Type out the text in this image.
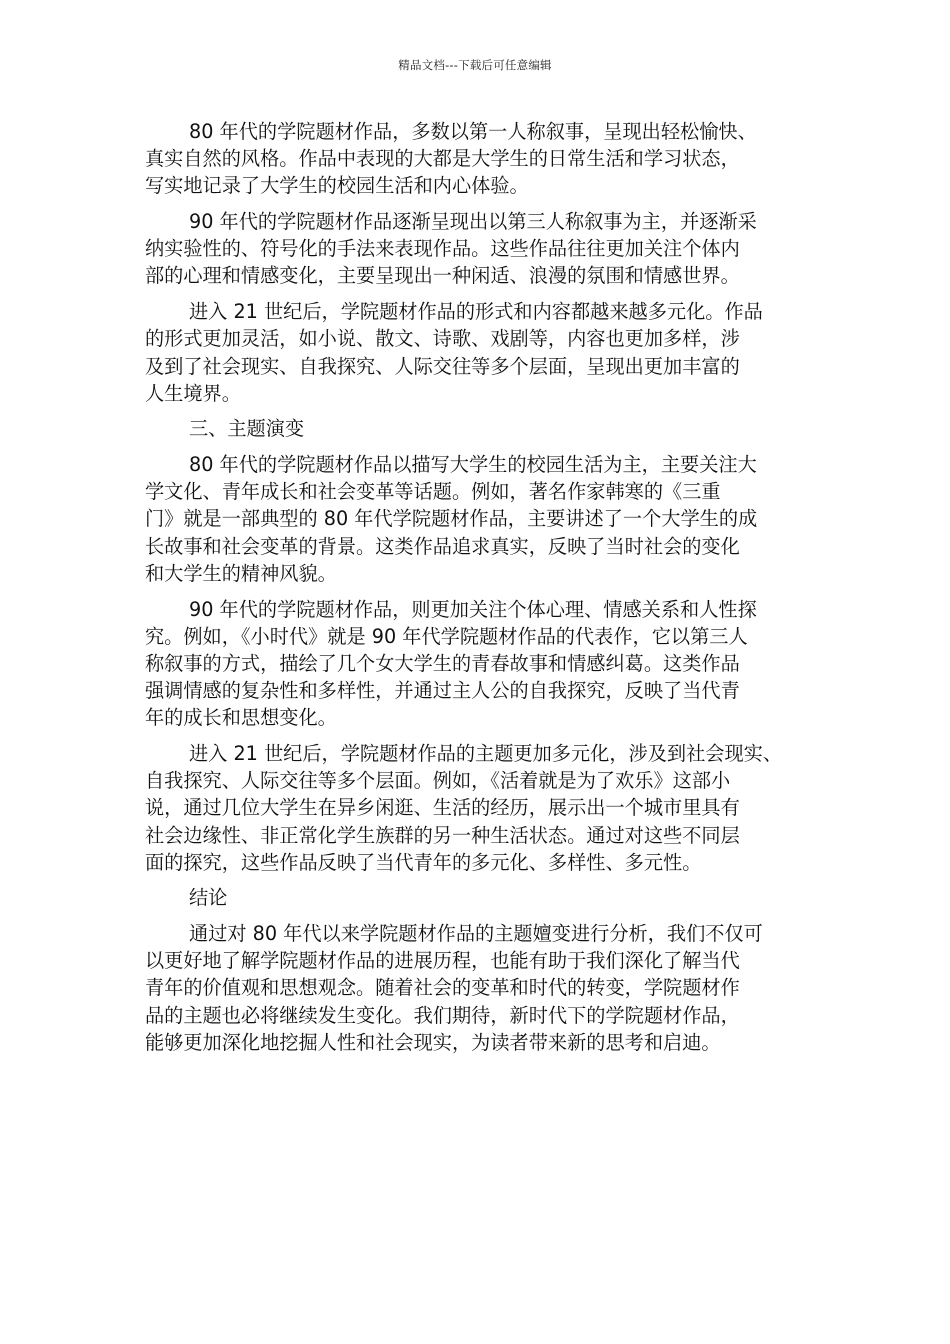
精品文档---下载后可任意编辑
80 年代的学院题材作品，多数以第一人称叙事，呈现出轻松愉快、
真实自然的风格。作品中表现的大都是大学生的日常生活和学习状态，
写实地记录了大学生的校园生活和内心体验。
90 年代的学院题材作品逐渐呈现出以第三人称叙事为主，并逐渐采
纳实验性的、符号化的手法来表现作品。这些作品往往更加关注个体内
部的心理和情感变化，主要呈现出一种闲适、浪漫的氛围和情感世界。
进入 21 世纪后，学院题材作品的形式和内容都越来越多元化。作品
的形式更加灵活，如小说、散文、诗歌、戏剧等，内容也更加多样，涉
及到了社会现实、自我探究、人际交往等多个层面，呈现出更加丰富的
人生境界。
三、主题演变
80 年代的学院题材作品以描写大学生的校园生活为主，主要关注大
学文化、青年成长和社会变革等话题。例如，著名作家韩寒的《三重
门》就是一部典型的 80 年代学院题材作品，主要讲述了一个大学生的成
长故事和社会变革的背景。这类作品追求真实，反映了当时社会的变化
和大学生的精神风貌。
90 年代的学院题材作品，则更加关注个体心理、情感关系和人性探
究。例如，《小时代》就是 90 年代学院题材作品的代表作，它以第三人
称叙事的方式，描绘了几个女大学生的青春故事和情感纠葛。这类作品
强调情感的复杂性和多样性，并通过主人公的自我探究，反映了当代青
年的成长和思想变化。
进入 21 世纪后，学院题材作品的主题更加多元化，涉及到社会现实、
自我探究、人际交往等多个层面。例如，《活着就是为了欢乐》这部小
说，通过几位大学生在异乡闲逛、生活的经历，展示出一个城市里具有
社会边缘性、非正常化学生族群的另一种生活状态。通过对这些不同层
面的探究，这些作品反映了当代青年的多元化、多样性、多元性。
结论
通过对 80 年代以来学院题材作品的主题嬗变进行分析，我们不仅可
以更好地了解学院题材作品的进展历程，也能有助于我们深化了解当代
青年的价值观和思想观念。随着社会的变革和时代的转变，学院题材作
品的主题也必将继续发生变化。我们期待，新时代下的学院题材作品，
能够更加深化地挖掘人性和社会现实，为读者带来新的思考和启迪。
